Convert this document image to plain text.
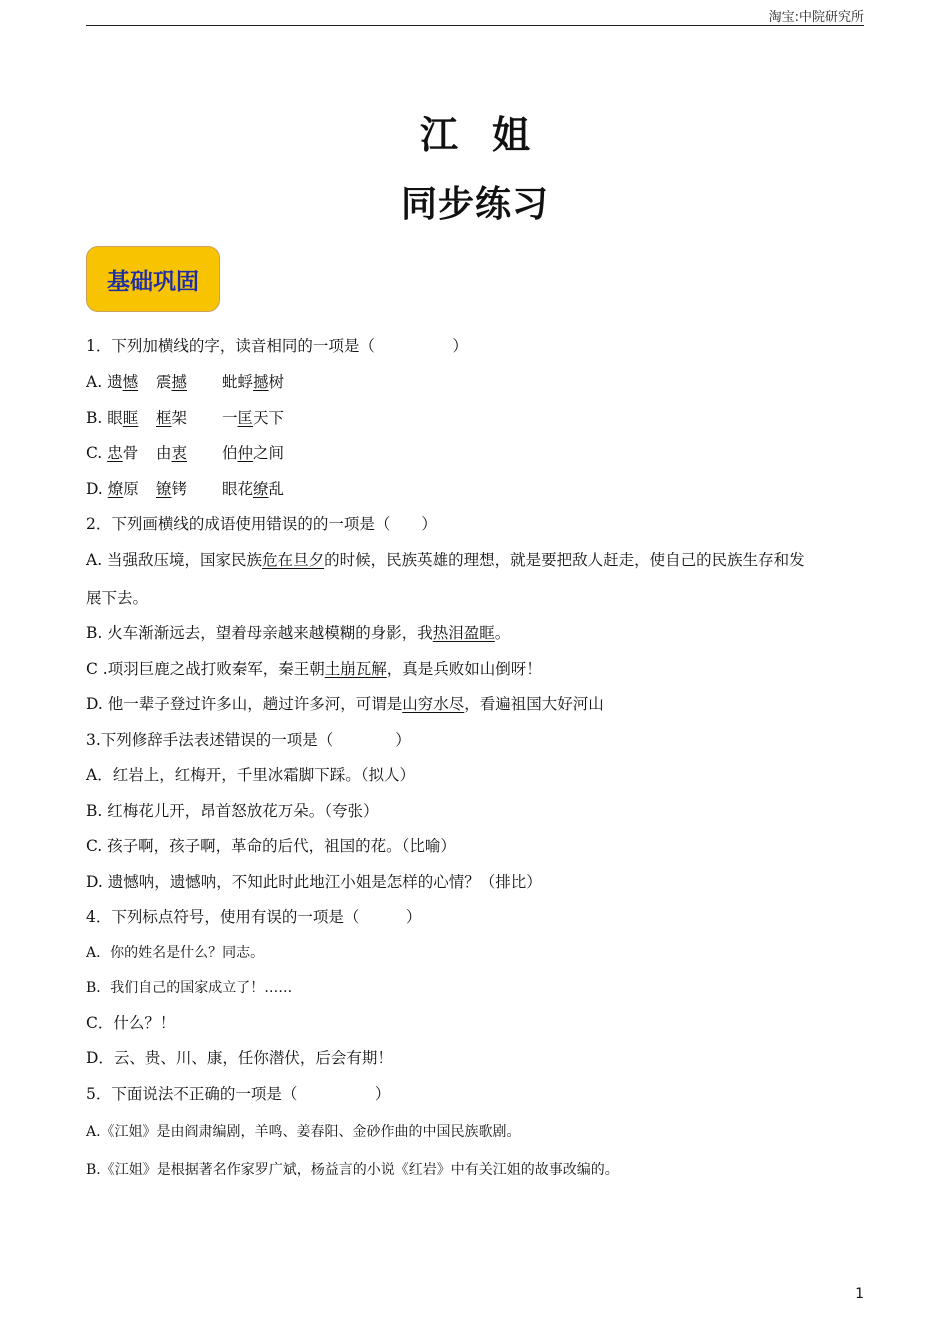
淘宝:中院研究所
江姐
同步练习
基础巩固
1．下列加横线的字，读音相同的一项是（　　　　　）
A. 遗憾 震撼 蚍蜉撼树
B. 眼眶 框架 一匡天下
C. 忠骨 由衷 伯仲之间
D. 燎原 镣铐 眼花缭乱
2．下列画横线的成语使用错误的的一项是（　　）
A. 当强敌压境，国家民族危在旦夕的时候，民族英雄的理想，就是要把敌人赶走，使自己的民族生存和发
展下去。
B. 火车渐渐远去，望着母亲越来越模糊的身影，我热泪盈眶。
C .项羽巨鹿之战打败秦军，秦王朝土崩瓦解，真是兵败如山倒呀！
D. 他一辈子登过许多山，趟过许多河，可谓是山穷水尽，看遍祖国大好河山
3.下列修辞手法表述错误的一项是（　　　　）
A．红岩上，红梅开，千里冰霜脚下踩。（拟人）
B. 红梅花儿开，昂首怒放花万朵。（夸张）
C. 孩子啊，孩子啊，革命的后代，祖国的花。（比喻）
D. 遗憾呐，遗憾呐，不知此时此地江小姐是怎样的心情？（排比）
4．下列标点符号，使用有误的一项是（　　　）
A．你的姓名是什么？同志。
B．我们自己的国家成立了！……
C．什么？！
D．云、贵、川、康，任你潜伏，后会有期！
5．下面说法不正确的一项是（　　　　　）
A.《江姐》是由阎肃编剧，羊鸣、姜春阳、金砂作曲的中国民族歌剧。
B.《江姐》是根据著名作家罗广斌，杨益言的小说《红岩》中有关江姐的故事改编的。
1
